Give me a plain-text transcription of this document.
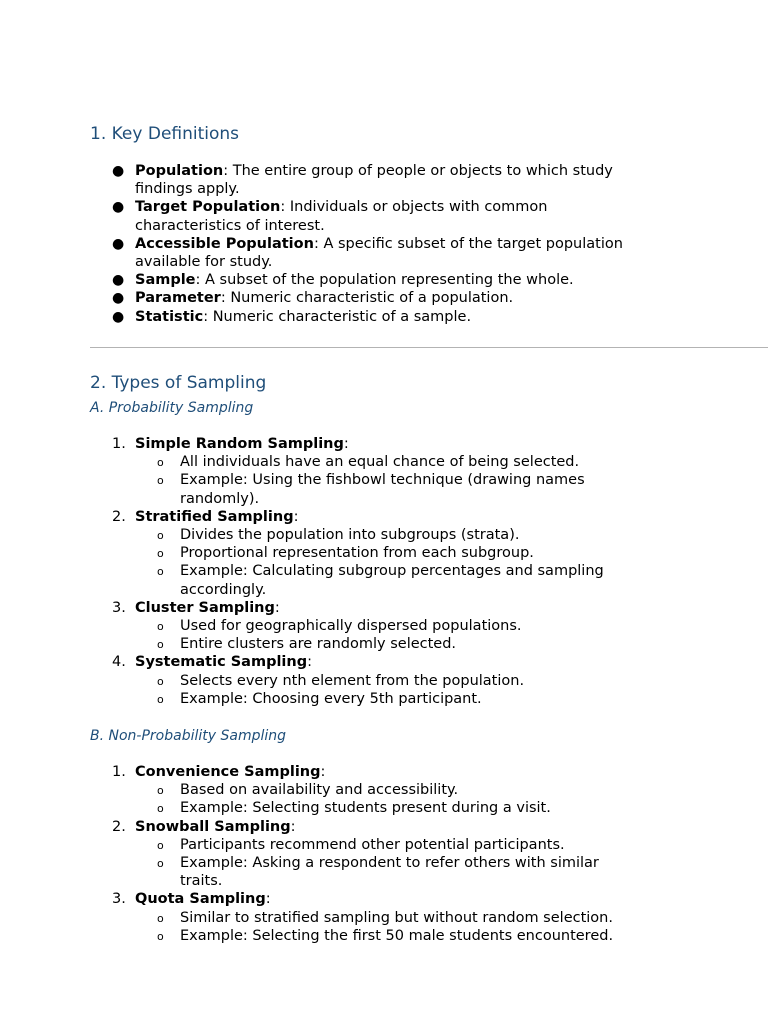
1. Key Definitions
● Population: The entire group of people or objects to which study findings apply.
● Target Population: Individuals or objects with common characteristics of interest.
● Accessible Population: A specific subset of the target population available for study.
● Sample: A subset of the population representing the whole.
● Parameter: Numeric characteristic of a population.
● Statistic: Numeric characteristic of a sample.
2. Types of Sampling
A. Probability Sampling
1. Simple Random Sampling:
o All individuals have an equal chance of being selected.
o Example: Using the fishbowl technique (drawing names randomly).
2. Stratified Sampling:
o Divides the population into subgroups (strata).
o Proportional representation from each subgroup.
o Example: Calculating subgroup percentages and sampling accordingly.
3. Cluster Sampling:
o Used for geographically dispersed populations.
o Entire clusters are randomly selected.
4. Systematic Sampling:
o Selects every nth element from the population.
o Example: Choosing every 5th participant.
B. Non-Probability Sampling
1. Convenience Sampling:
o Based on availability and accessibility.
o Example: Selecting students present during a visit.
2. Snowball Sampling:
o Participants recommend other potential participants.
o Example: Asking a respondent to refer others with similar traits.
3. Quota Sampling:
o Similar to stratified sampling but without random selection.
o Example: Selecting the first 50 male students encountered.
